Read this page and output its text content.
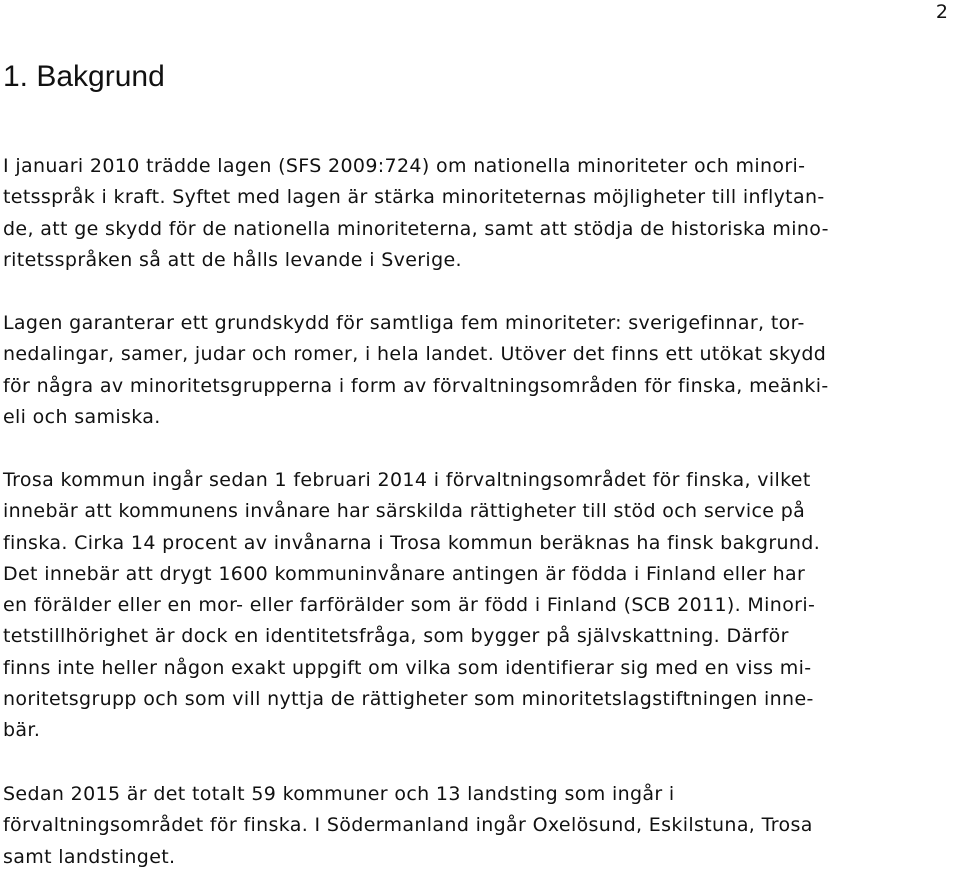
2
1. Bakgrund
I januari 2010 trädde lagen (SFS 2009:724) om nationella minoriteter och minori-
tetsspråk i kraft. Syftet med lagen är stärka minoriteternas möjligheter till inflytan-
de, att ge skydd för de nationella minoriteterna, samt att stödja de historiska mino-
ritetsspråken så att de hålls levande i Sverige.
Lagen garanterar ett grundskydd för samtliga fem minoriteter: sverigefinnar, tor-
nedalingar, samer, judar och romer, i hela landet. Utöver det finns ett utökat skydd
för några av minoritetsgrupperna i form av förvaltningsområden för finska, meänki-
eli och samiska.
Trosa kommun ingår sedan 1 februari 2014 i förvaltningsområdet för finska, vilket
innebär att kommunens invånare har särskilda rättigheter till stöd och service på
finska. Cirka 14 procent av invånarna i Trosa kommun beräknas ha finsk bakgrund.
Det innebär att drygt 1600 kommuninvånare antingen är födda i Finland eller har
en förälder eller en mor- eller farförälder som är född i Finland (SCB 2011). Minori-
tetstillhörighet är dock en identitetsfråga, som bygger på självskattning. Därför
finns inte heller någon exakt uppgift om vilka som identifierar sig med en viss mi-
noritetsgrupp och som vill nyttja de rättigheter som minoritetslagstiftningen inne-
bär.
Sedan 2015 är det totalt 59 kommuner och 13 landsting som ingår i
förvaltningsområdet för finska. I Södermanland ingår Oxelösund, Eskilstuna, Trosa
samt landstinget.
